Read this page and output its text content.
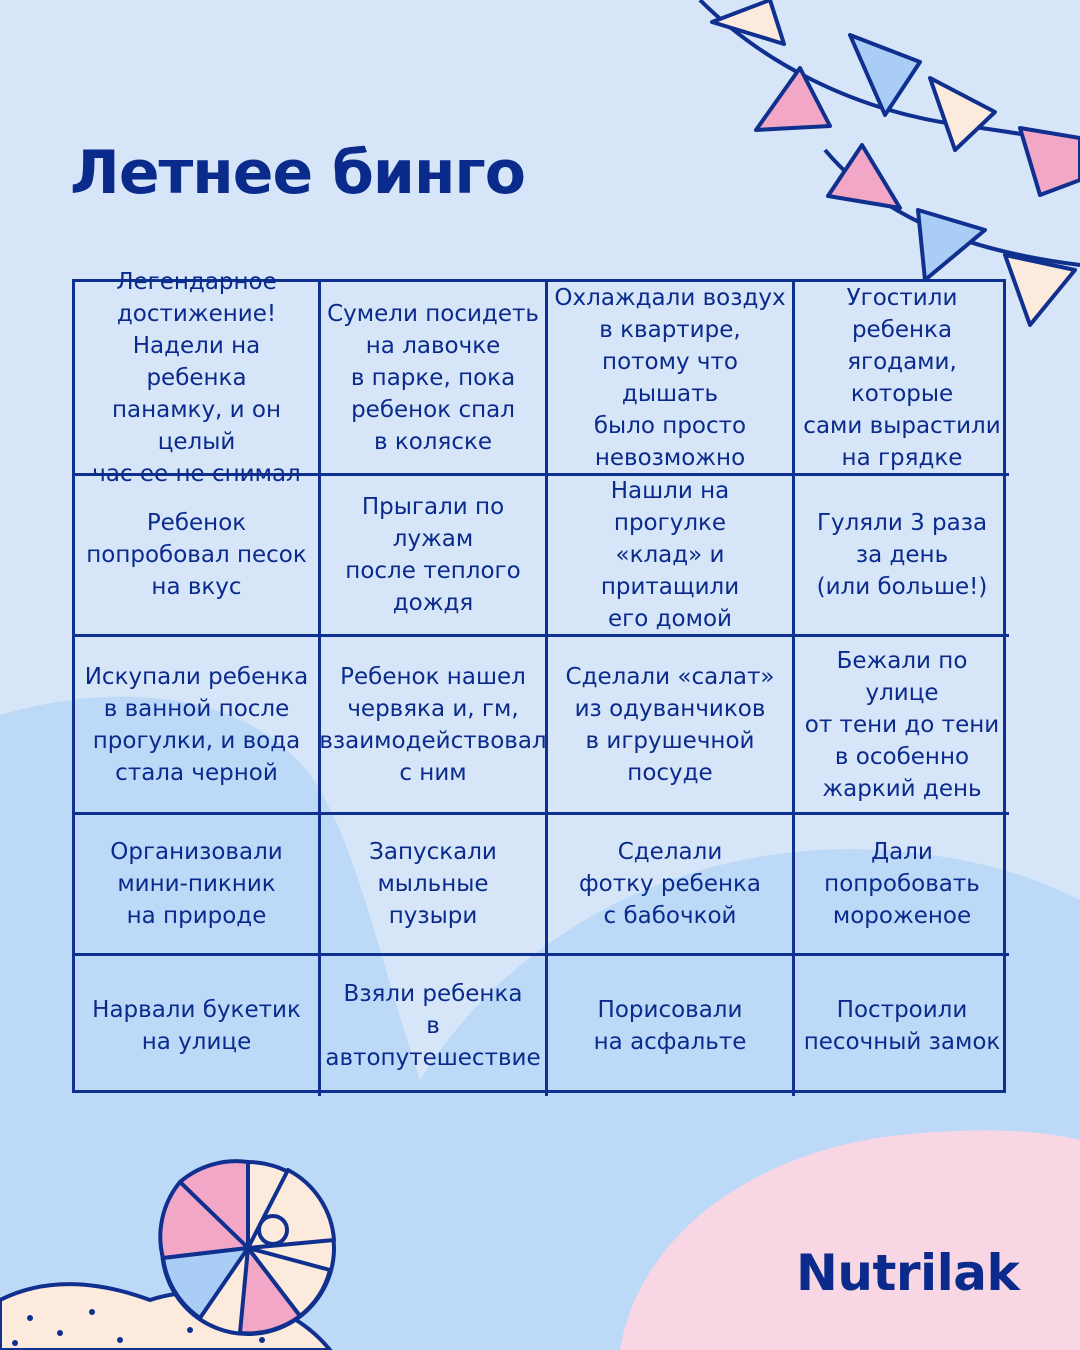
Летнее бинго
Легендарное
достижение!
Надели на ребенка
панамку, и он целый
час ее не снимал
Сумели посидеть
на лавочке
в парке, пока
ребенок спал
в коляске
Охлаждали воздух
в квартире,
потому что дышать
было просто
невозможно
Угостили
ребенка
ягодами, которые
сами вырастили
на грядке
Ребенок
попробовал песок
на вкус
Прыгали по лужам
после теплого
дождя
Нашли на прогулке
«клад» и притащили
его домой
Гуляли 3 раза
за день
(или больше!)
Искупали ребенка
в ванной после
прогулки, и вода
стала черной
Ребенок нашел
червяка и, гм,
взаимодействовал
с ним
Сделали «салат»
из одуванчиков
в игрушечной
посуде
Бежали по улице
от тени до тени
в особенно
жаркий день
Организовали
мини-пикник
на природе
Запускали
мыльные
пузыри
Сделали
фотку ребенка
с бабочкой
Дали
попробовать
мороженое
Нарвали букетик
на улице
Взяли ребенка
в автопутешествие
Порисовали
на асфальте
Построили
песочный замок
Nutrilak
